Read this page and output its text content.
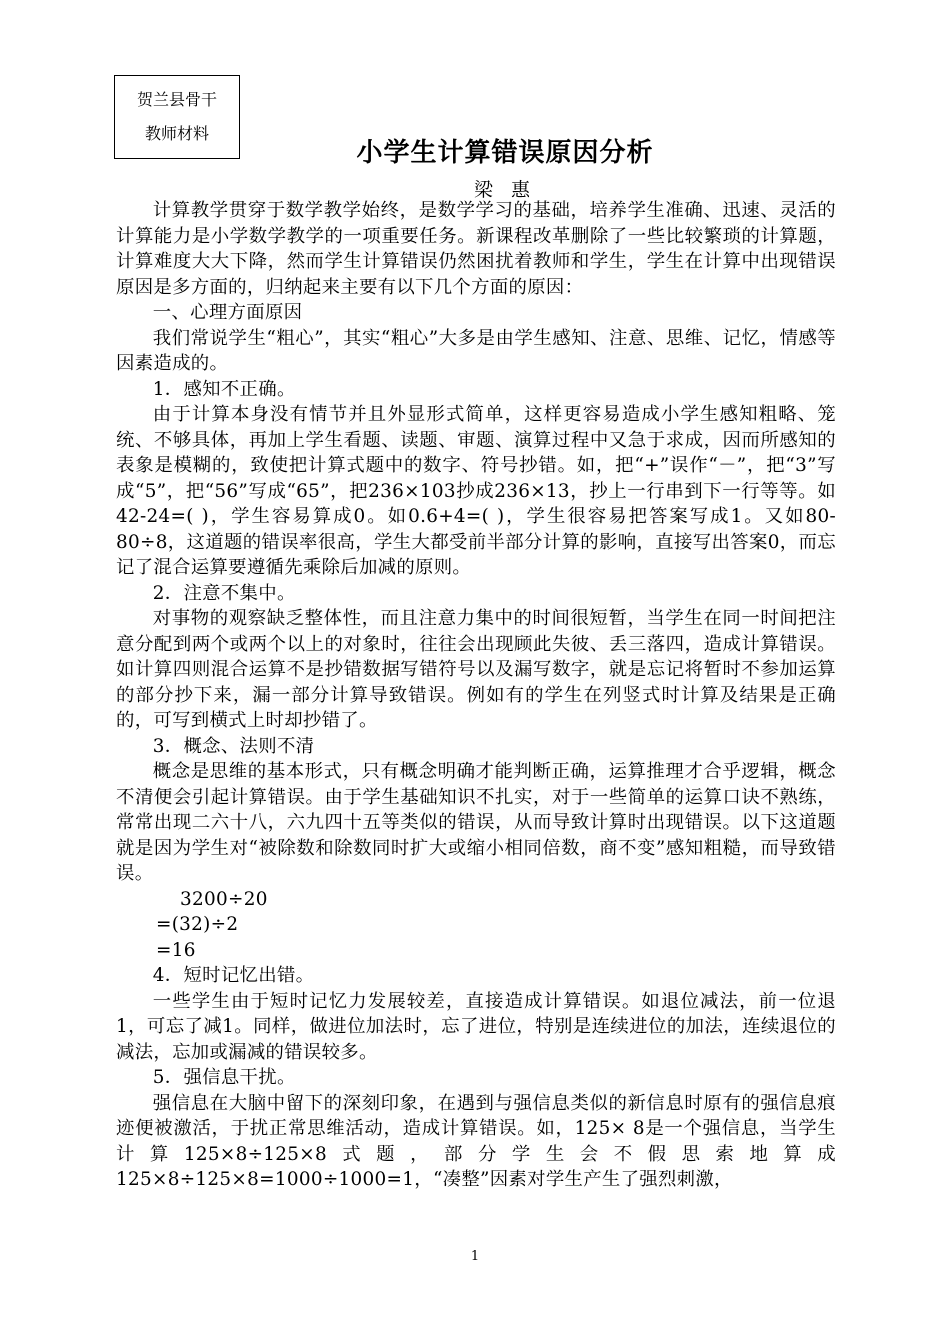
贺兰县骨干
教师材料
小学生计算错误原因分析
梁 惠

计算教学贯穿于数学教学始终，是数学学习的基础，培养学生准确、迅速、灵活的计算能力是小学数学教学的一项重要任务。新课程改革删除了一些比较繁琐的计算题，计算难度大大下降，然而学生计算错误仍然困扰着教师和学生，学生在计算中出现错误原因是多方面的，归纳起来主要有以下几个方面的原因：

一、心理方面原因

我们常说学生“粗心”，其实“粗心”大多是由学生感知、注意、思维、记忆，情感等因素造成的。

1．感知不正确。

由于计算本身没有情节并且外显形式简单，这样更容易造成小学生感知粗略、笼统、不够具体，再加上学生看题、读题、审题、演算过程中又急于求成，因而所感知的表象是模糊的，致使把计算式题中的数字、符号抄错。如，把“+”误作“－”，把“3”写成“5”，把“56”写成“65”，把236×103抄成236×13，抄上一行串到下一行等等。如42-24=( )，学生容易算成0。如0.6+4=( )，学生很容易把答案写成1。又如80-80÷8，这道题的错误率很高，学生大都受前半部分计算的影响，直接写出答案0，而忘记了混合运算要遵循先乘除后加减的原则。

2．注意不集中。

对事物的观察缺乏整体性，而且注意力集中的时间很短暂，当学生在同一时间把注意分配到两个或两个以上的对象时，往往会出现顾此失彼、丢三落四，造成计算错误。如计算四则混合运算不是抄错数据写错符号以及漏写数字，就是忘记将暂时不参加运算的部分抄下来，漏一部分计算导致错误。例如有的学生在列竖式时计算及结果是正确的，可写到横式上时却抄错了。

3．概念、法则不清

概念是思维的基本形式，只有概念明确才能判断正确，运算推理才合乎逻辑，概念不清便会引起计算错误。由于学生基础知识不扎实，对于一些简单的运算口诀不熟练，常常出现二六十八，六九四十五等类似的错误，从而导致计算时出现错误。以下这道题就是因为学生对“被除数和除数同时扩大或缩小相同倍数，商不变”感知粗糙，而导致错误。

3200÷20

=(32)÷2

=16

4．短时记忆出错。

一些学生由于短时记忆力发展较差，直接造成计算错误。如退位减法，前一位退1，可忘了减1。同样，做进位加法时，忘了进位，特别是连续进位的加法，连续退位的减法，忘加或漏减的错误较多。

5．强信息干扰。

强信息在大脑中留下的深刻印象，在遇到与强信息类似的新信息时原有的强信息痕迹便被激活，于扰正常思维活动，造成计算错误。如，125× 8是一个强信息，当学生计算125×8÷125×8式题，部分学生会不假思索地算成125×8÷125×8=1000÷1000=1，“凑整”因素对学生产生了强烈刺激，

1
